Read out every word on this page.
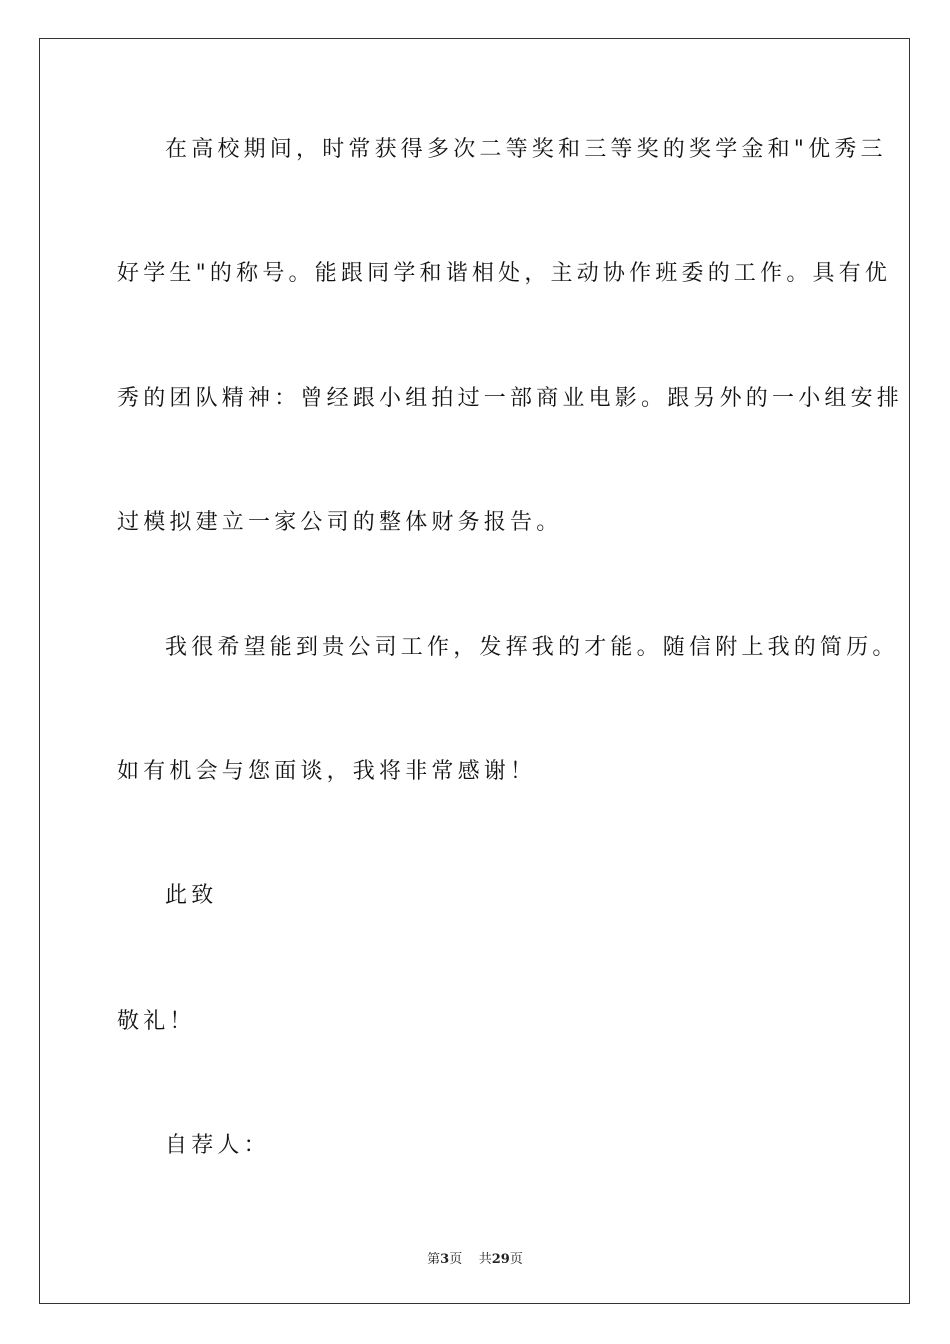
在高校期间，时常获得多次二等奖和三等奖的奖学金和"优秀三
好学生"的称号。能跟同学和谐相处，主动协作班委的工作。具有优
秀的团队精神：曾经跟小组拍过一部商业电影。跟另外的一小组安排
过模拟建立一家公司的整体财务报告。
我很希望能到贵公司工作，发挥我的才能。随信附上我的简历。
如有机会与您面谈，我将非常感谢！
此致
敬礼！
自荐人：
第3页 共29页
